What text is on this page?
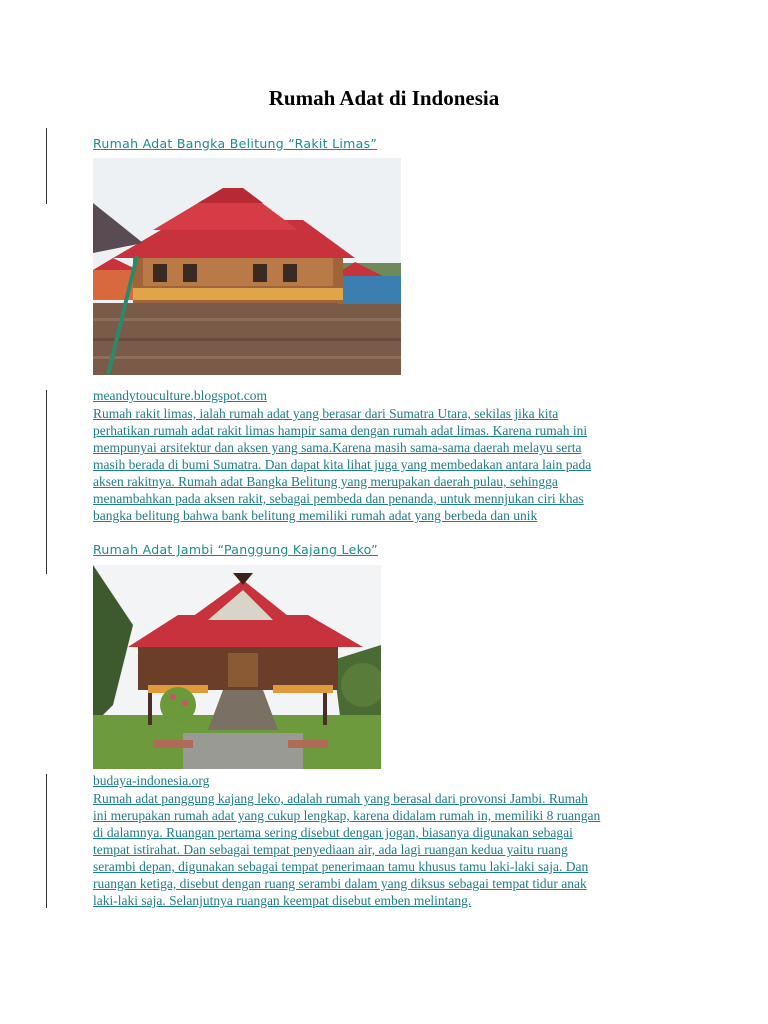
Rumah Adat di Indonesia
Rumah Adat Bangka Belitung “Rakit Limas”
meandytouculture.blogspot.com
Rumah rakit limas, ialah rumah adat yang berasar dari Sumatra Utara, sekilas jika kita
perhatikan rumah adat rakit limas hampir sama dengan rumah adat limas. Karena rumah ini
mempunyai arsitektur dan aksen yang sama.Karena masih sama-sama daerah melayu serta
masih berada di bumi Sumatra. Dan dapat kita lihat juga yang membedakan antara lain pada
aksen rakitnya. Rumah adat Bangka Belitung yang merupakan daerah pulau, sehingga
menambahkan pada aksen rakit, sebagai pembeda dan penanda, untuk mennjukan ciri khas
bangka belitung bahwa bank belitung memiliki rumah adat yang berbeda dan unik
Rumah Adat Jambi “Panggung Kajang Leko”
budaya-indonesia.org
Rumah adat panggung kajang leko, adalah rumah yang berasal dari provonsi Jambi. Rumah
ini merupakan rumah adat yang cukup lengkap, karena didalam rumah in, memiliki 8 ruangan
di dalamnya. Ruangan pertama sering disebut dengan jogan, biasanya digunakan sebagai
tempat istirahat. Dan sebagai tempat penyediaan air, ada lagi ruangan kedua yaitu ruang
serambi depan, digunakan sebagai tempat penerimaan tamu khusus tamu laki-laki saja. Dan
ruangan ketiga, disebut dengan ruang serambi dalam yang diksus sebagai tempat tidur anak
laki-laki saja. Selanjutnya ruangan keempat disebut emben melintang.
